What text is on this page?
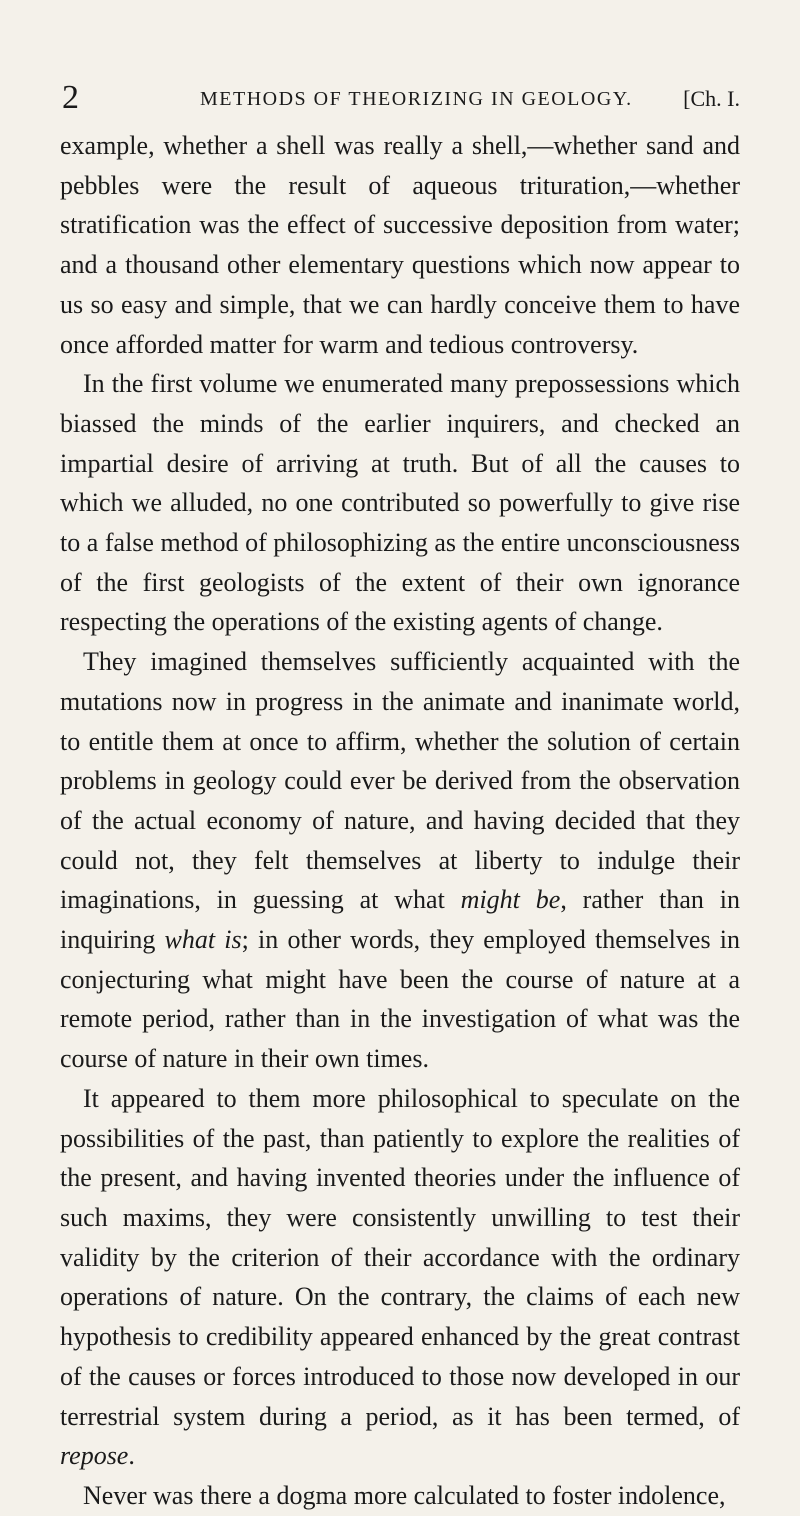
2	METHODS OF THEORIZING IN GEOLOGY. [Ch. I.

example, whether a shell was really a shell,—whether sand and pebbles were the result of aqueous trituration,—whether stratification was the effect of successive deposition from water; and a thousand other elementary questions which now appear to us so easy and simple, that we can hardly conceive them to have once afforded matter for warm and tedious controversy.

In the first volume we enumerated many prepossessions which biassed the minds of the earlier inquirers, and checked an impartial desire of arriving at truth. But of all the causes to which we alluded, no one contributed so powerfully to give rise to a false method of philosophizing as the entire unconsciousness of the first geologists of the extent of their own ignorance respecting the operations of the existing agents of change.

They imagined themselves sufficiently acquainted with the mutations now in progress in the animate and inanimate world, to entitle them at once to affirm, whether the solution of certain problems in geology could ever be derived from the observation of the actual economy of nature, and having decided that they could not, they felt themselves at liberty to indulge their imaginations, in guessing at what might be, rather than in inquiring what is; in other words, they employed themselves in conjecturing what might have been the course of nature at a remote period, rather than in the investigation of what was the course of nature in their own times.

It appeared to them more philosophical to speculate on the possibilities of the past, than patiently to explore the realities of the present, and having invented theories under the influence of such maxims, they were consistently unwilling to test their validity by the criterion of their accordance with the ordinary operations of nature. On the contrary, the claims of each new hypothesis to credibility appeared enhanced by the great contrast of the causes or forces introduced to those now developed in our terrestrial system during a period, as it has been termed, of repose.

Never was there a dogma more calculated to foster indolence,
